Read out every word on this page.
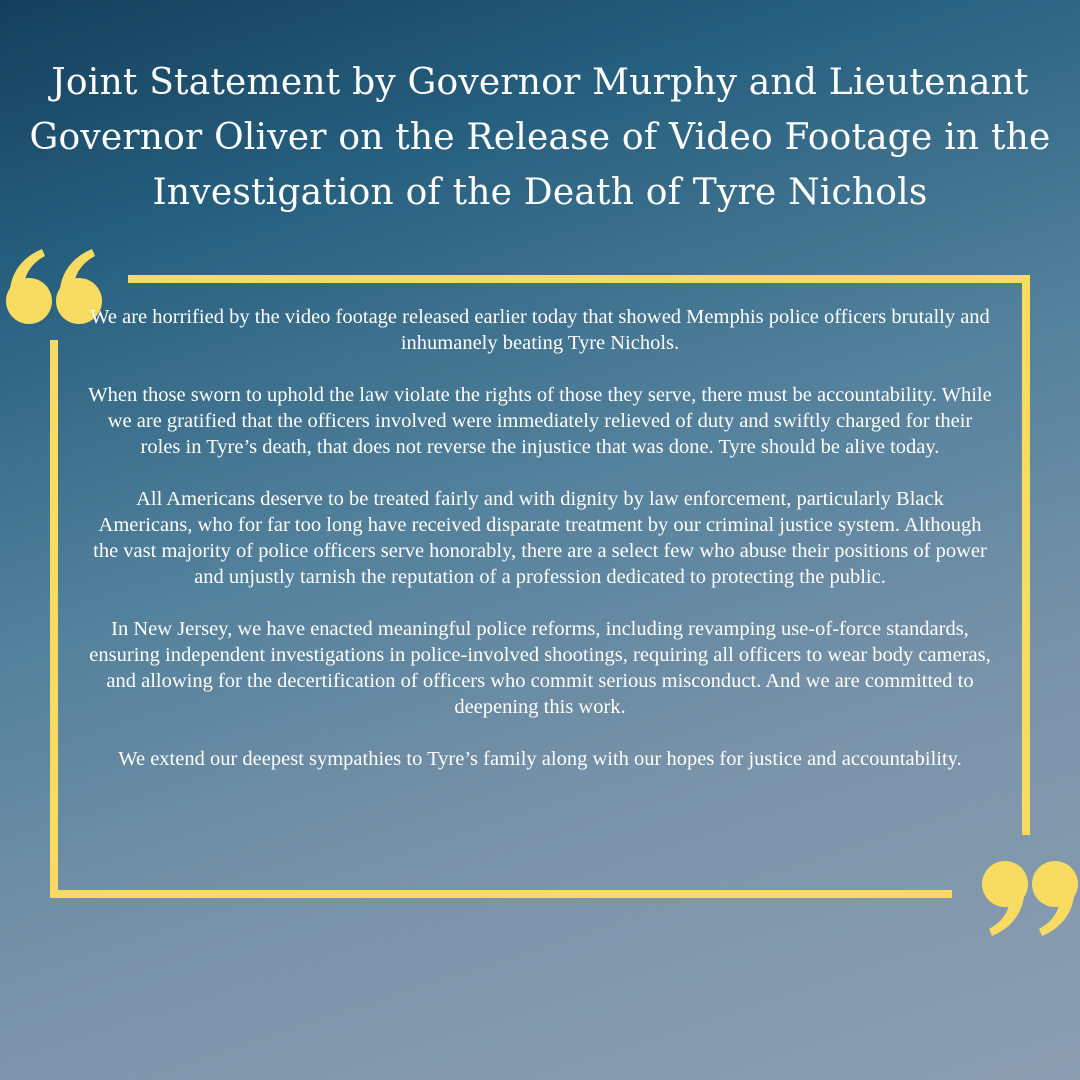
Joint Statement by Governor Murphy and Lieutenant Governor Oliver on the Release of Video Footage in the Investigation of the Death of Tyre Nichols

We are horrified by the video footage released earlier today that showed Memphis police officers brutally and inhumanely beating Tyre Nichols.

When those sworn to uphold the law violate the rights of those they serve, there must be accountability. While we are gratified that the officers involved were immediately relieved of duty and swiftly charged for their roles in Tyre’s death, that does not reverse the injustice that was done. Tyre should be alive today.

All Americans deserve to be treated fairly and with dignity by law enforcement, particularly Black Americans, who for far too long have received disparate treatment by our criminal justice system. Although the vast majority of police officers serve honorably, there are a select few who abuse their positions of power and unjustly tarnish the reputation of a profession dedicated to protecting the public.

In New Jersey, we have enacted meaningful police reforms, including revamping use-of-force standards, ensuring independent investigations in police-involved shootings, requiring all officers to wear body cameras, and allowing for the decertification of officers who commit serious misconduct. And we are committed to deepening this work.

We extend our deepest sympathies to Tyre’s family along with our hopes for justice and accountability.
